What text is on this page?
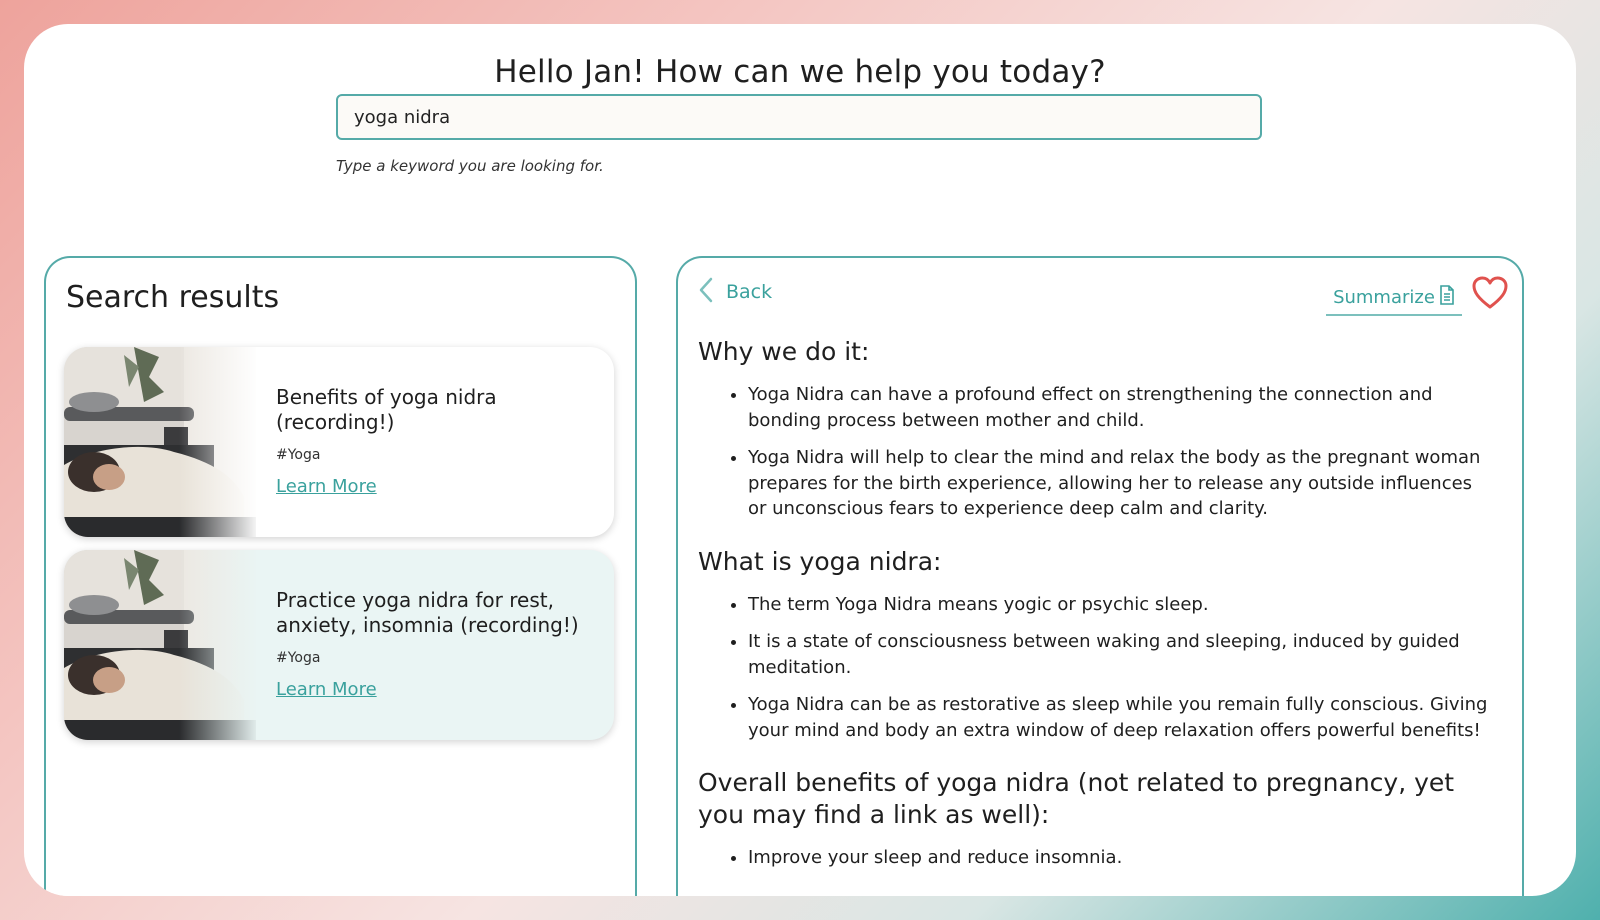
Hello Jan! How can we help you today?
yoga nidra
Type a keyword you are looking for.
Search results
Benefits of yoga nidra (recording!)
#Yoga
Learn More
Practice yoga nidra for rest, anxiety, insomnia (recording!)
#Yoga
Learn More
Back	Summarize
Why we do it:
• Yoga Nidra can have a profound effect on strengthening the connection and bonding process between mother and child.
• Yoga Nidra will help to clear the mind and relax the body as the pregnant woman prepares for the birth experience, allowing her to release any outside influences or unconscious fears to experience deep calm and clarity.
What is yoga nidra:
• The term Yoga Nidra means yogic or psychic sleep.
• It is a state of consciousness between waking and sleeping, induced by guided meditation.
• Yoga Nidra can be as restorative as sleep while you remain fully conscious. Giving your mind and body an extra window of deep relaxation offers powerful benefits!
Overall benefits of yoga nidra (not related to pregnancy, yet you may find a link as well):
• Improve your sleep and reduce insomnia.
